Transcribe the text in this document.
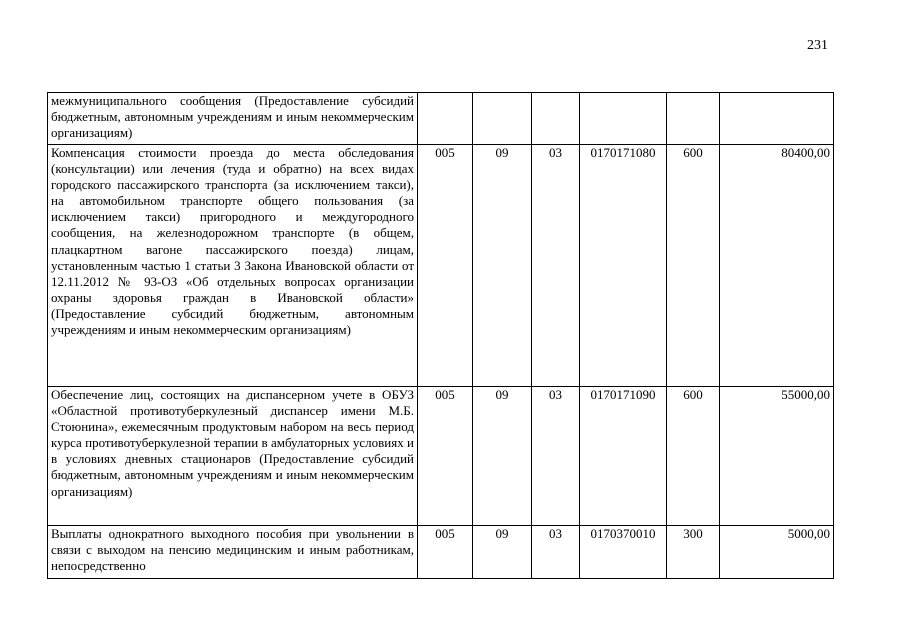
231
межмуниципального сообщения (Предоставление субсидий бюджетным, автономным учреждениям и иным некоммерческим организациям)						
Компенсация стоимости проезда до места обследования (консультации) или лечения (туда и обратно) на всех видах городского пассажирского транспорта (за исключением такси), на автомобильном транспорте общего пользования (за исключением такси) пригородного и междугородного сообщения, на железнодорожном транспорте (в общем, плацкартном вагоне пассажирского поезда) лицам, установленным частью 1 статьи 3 Закона Ивановской области от 12.11.2012 № 93-ОЗ «Об отдельных вопросах организации охраны здоровья граждан в Ивановской области» (Предоставление субсидий бюджетным, автономным учреждениям и иным некоммерческим организациям)	005	09	03	0170171080	600	80400,00
Обеспечение лиц, состоящих на диспансерном учете в ОБУЗ «Областной противотуберкулезный диспансер имени М.Б. Стоюнина», ежемесячным продуктовым набором на весь период курса противотуберкулезной терапии в амбулаторных условиях и в условиях дневных стационаров (Предоставление субсидий бюджетным, автономным учреждениям и иным некоммерческим организациям)	005	09	03	0170171090	600	55000,00
Выплаты однократного выходного пособия при увольнении в связи с выходом на пенсию медицинским и иным работникам, непосредственно	005	09	03	0170370010	300	5000,00
